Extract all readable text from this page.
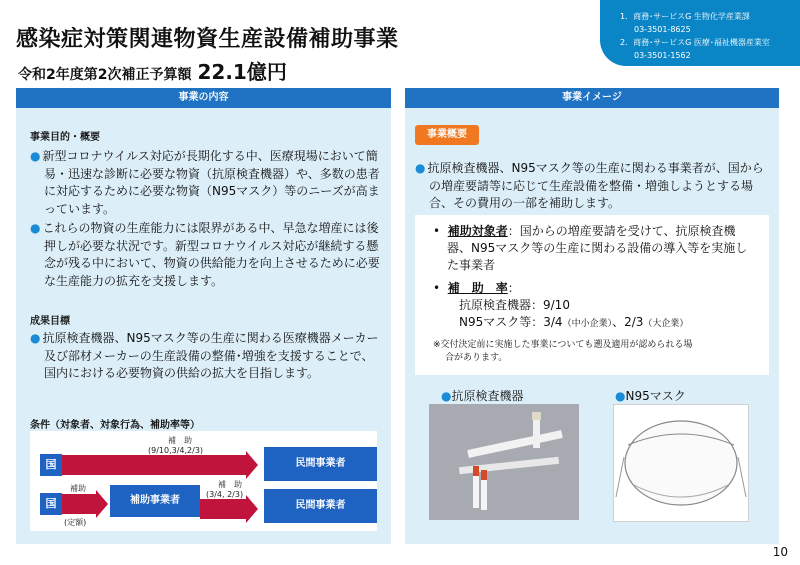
感染症対策関連物資生産設備補助事業
令和2年度第2次補正予算額 22.1億円
1．商務･サービスG 生物化学産業課
03-3501-8625
2．商務･サービスG 医療･福祉機器産業室
03-3501-1562
事業の内容
事業目的・概要
● 新型コロナウイルス対応が長期化する中、医療現場において簡易・迅速な診断に必要な物資（抗原検査機器）や、多数の患者に対応するために必要な物資（N95マスク）等のニーズが高まっています。
● これらの物資の生産能力には限界がある中、早急な増産には後押しが必要な状況です。新型コロナウイルス対応が継続する懸念が残る中において、物資の供給能力を向上させるために必要な生産能力の拡充を支援します。
成果目標
● 抗原検査機器、N95マスク等の生産に関わる医療機器メーカー及び部材メーカーの生産設備の整備･増強を支援することで、国内における必要物資の供給の拡大を目指します。
条件（対象者、対象行為、補助率等）
補　助
(9/10,3/4,2/3)
国	民間事業者
補助
国
(定額)
補助事業者
補　助
(3/4, 2/3)
民間事業者
事業イメージ
事業概要
● 抗原検査機器、N95マスク等の生産に関わる事業者が、国からの増産要請等に応じて生産設備を整備・増強しようとする場合、その費用の一部を補助します。
•  補助対象者：国からの増産要請を受けて、抗原検査機器、N95マスク等の生産に関わる設備の導入等を実施した事業者
•  補　助　率：
抗原検査機器：9/10
N95マスク等：3/4（中小企業）、2/3（大企業）
※交付決定前に実施した事業についても遡及適用が認められる場
合があります。
●抗原検査機器	●N95マスク
10
